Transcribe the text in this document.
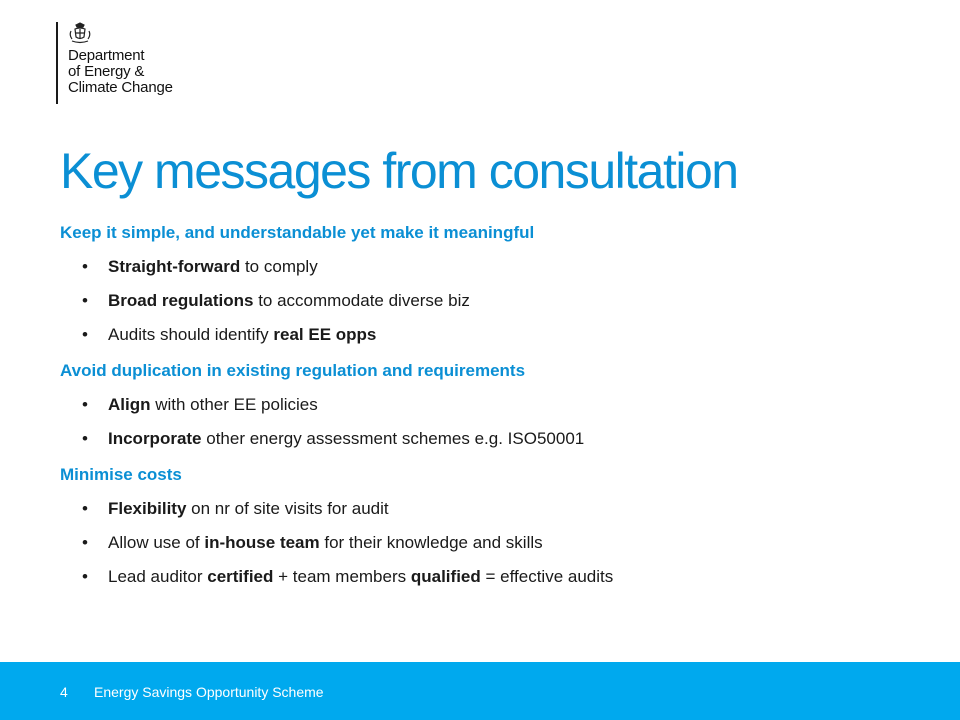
Department
of Energy &
Climate Change
Key messages from consultation

Keep it simple, and understandable yet make it meaningful

• Straight-forward to comply
• Broad regulations to accommodate diverse biz
• Audits should identify real EE opps

Avoid duplication in existing regulation and requirements

• Align with other EE policies
• Incorporate other energy assessment schemes e.g. ISO50001

Minimise costs

• Flexibility on nr of site visits for audit
• Allow use of in-house team for their knowledge and skills
• Lead auditor certified + team members qualified = effective audits
4 Energy Savings Opportunity Scheme
